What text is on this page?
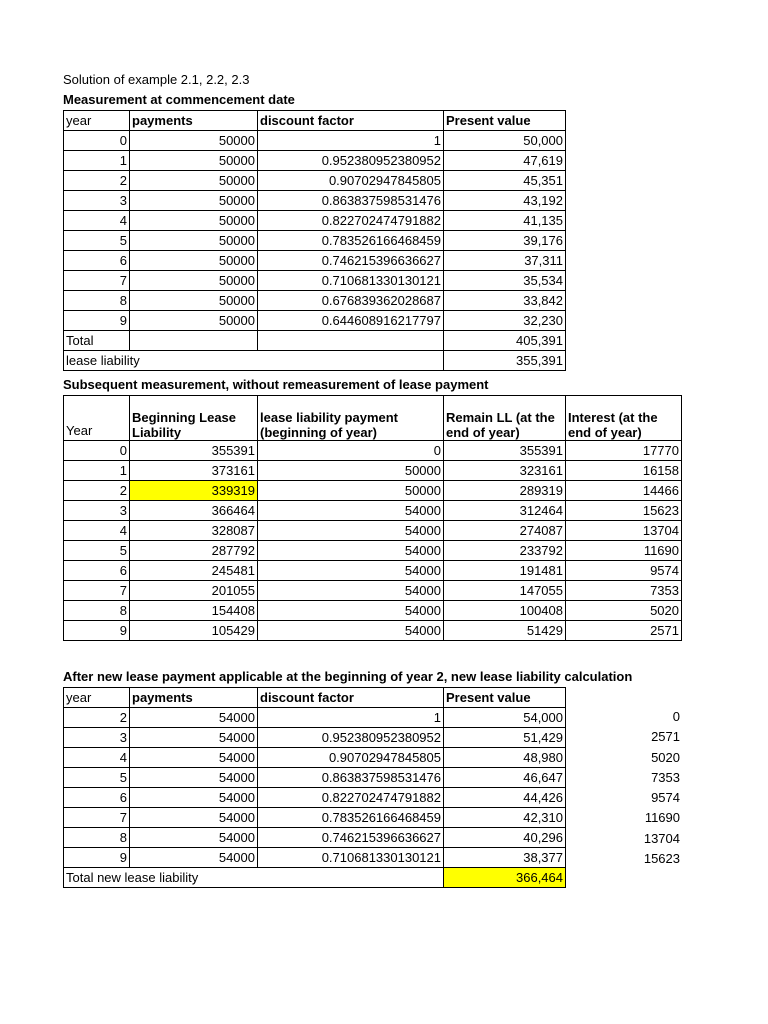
Solution of example 2.1, 2.2, 2.3
Measurement at commencement date
year	payments	discount factor	Present value
0	50000	1	50,000
1	50000	0.952380952380952	47,619
2	50000	0.90702947845805	45,351
3	50000	0.863837598531476	43,192
4	50000	0.822702474791882	41,135
5	50000	0.783526166468459	39,176
6	50000	0.746215396636627	37,311
7	50000	0.710681330130121	35,534
8	50000	0.676839362028687	33,842
9	50000	0.644608916217797	32,230
Total			405,391
lease liability			355,391
Subsequent measurement, without remeasurement of lease payment
Year	Beginning Lease Liability	lease liability payment (beginning of year)	Remain LL (at the end of year)	Interest (at the end of year)
0	355391	0	355391	17770
1	373161	50000	323161	16158
2	339319	50000	289319	14466
3	366464	54000	312464	15623
4	328087	54000	274087	13704
5	287792	54000	233792	11690
6	245481	54000	191481	9574
7	201055	54000	147055	7353
8	154408	54000	100408	5020
9	105429	54000	51429	2571
After new lease payment applicable at the beginning of year 2, new lease liability calculation
year	payments	discount factor	Present value
2	54000	1	54,000
3	54000	0.952380952380952	51,429
4	54000	0.90702947845805	48,980
5	54000	0.863837598531476	46,647
6	54000	0.822702474791882	44,426
7	54000	0.783526166468459	42,310
8	54000	0.746215396636627	40,296
9	54000	0.710681330130121	38,377
Total new lease liability			366,464
0
2571
5020
7353
9574
11690
13704
15623
